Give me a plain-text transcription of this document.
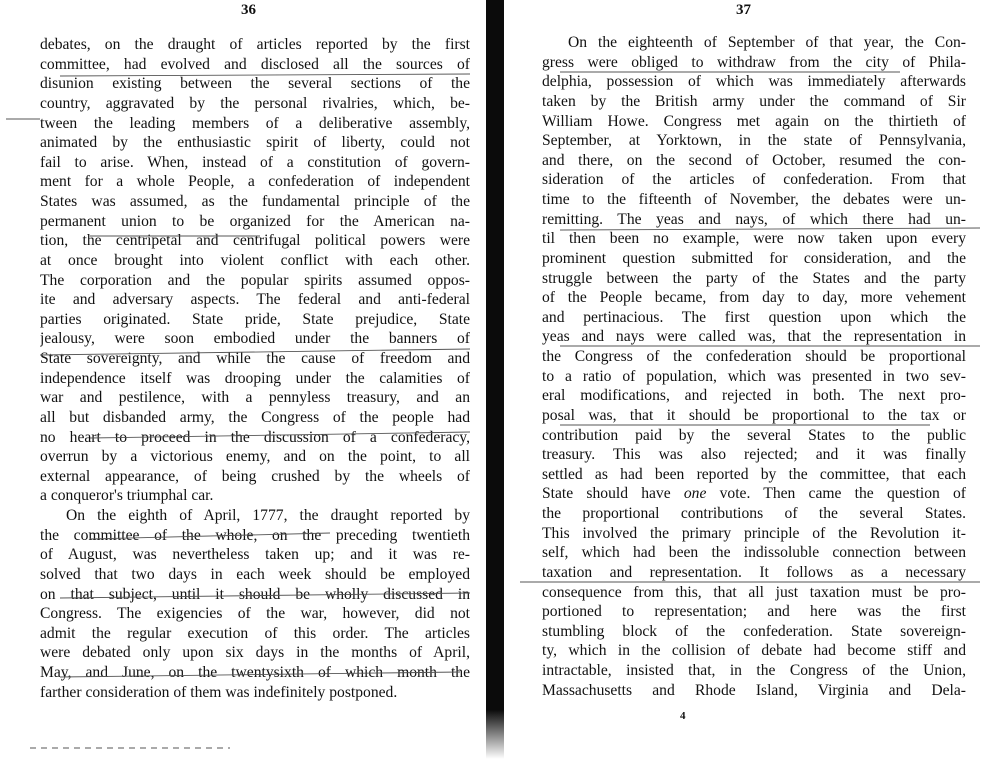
36
debates, on the draught of articles reported by the first
committee, had evolved and disclosed all the sources of
disunion existing between the several sections of the
country, aggravated by the personal rivalries, which, be-
tween the leading members of a deliberative assembly,
animated by the enthusiastic spirit of liberty, could not
fail to arise. When, instead of a constitution of govern-
ment for a whole People, a confederation of independent
States was assumed, as the fundamental principle of the
permanent union to be organized for the American na-
tion, the centripetal and centrifugal political powers were
at once brought into violent conflict with each other.
The corporation and the popular spirits assumed oppos-
ite and adversary aspects. The federal and anti-federal
parties originated. State pride, State prejudice, State
jealousy, were soon embodied under the banners of
State sovereignty, and while the cause of freedom and
independence itself was drooping under the calamities of
war and pestilence, with a pennyless treasury, and an
all but disbanded army, the Congress of the people had
no heart to proceed in the discussion of a confederacy,
overrun by a victorious enemy, and on the point, to all
external appearance, of being crushed by the wheels of
a conqueror's triumphal car.
On the eighth of April, 1777, the draught reported by
the committee of the whole, on the preceding twentieth
of August, was nevertheless taken up; and it was re-
solved that two days in each week should be employed
on that subject, until it should be wholly discussed in
Congress. The exigencies of the war, however, did not
admit the regular execution of this order. The articles
were debated only upon six days in the months of April,
May, and June, on the twentysixth of which month the
farther consideration of them was indefinitely postponed.
37
On the eighteenth of September of that year, the Con-
gress were obliged to withdraw from the city of Phila-
delphia, possession of which was immediately afterwards
taken by the British army under the command of Sir
William Howe. Congress met again on the thirtieth of
September, at Yorktown, in the state of Pennsylvania,
and there, on the second of October, resumed the con-
sideration of the articles of confederation. From that
time to the fifteenth of November, the debates were un-
remitting. The yeas and nays, of which there had un-
til then been no example, were now taken upon every
prominent question submitted for consideration, and the
struggle between the party of the States and the party
of the People became, from day to day, more vehement
and pertinacious. The first question upon which the
yeas and nays were called was, that the representation in
the Congress of the confederation should be proportional
to a ratio of population, which was presented in two sev-
eral modifications, and rejected in both. The next pro-
posal was, that it should be proportional to the tax or
contribution paid by the several States to the public
treasury. This was also rejected; and it was finally
settled as had been reported by the committee, that each
State should have one vote. Then came the question of
the proportional contributions of the several States.
This involved the primary principle of the Revolution it-
self, which had been the indissoluble connection between
taxation and representation. It follows as a necessary
consequence from this, that all just taxation must be pro-
portioned to representation; and here was the first
stumbling block of the confederation. State sovereign-
ty, which in the collision of debate had become stiff and
intractable, insisted that, in the Congress of the Union,
Massachusetts and Rhode Island, Virginia and Dela-
4
